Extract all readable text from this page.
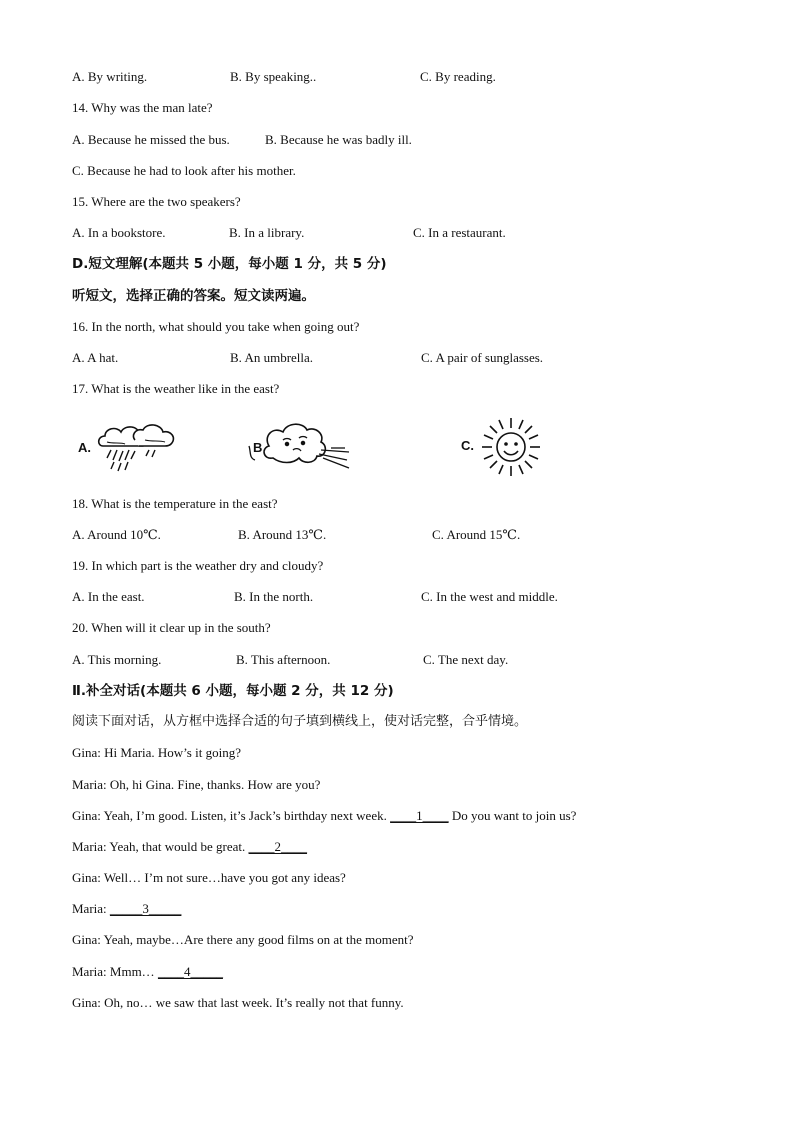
A. By writing.	B. By speaking..	C. By reading.
14. Why was the man late?
A. Because he missed the bus.	B. Because he was badly ill.
C. Because he had to look after his mother.
15. Where are the two speakers?
A. In a bookstore.	B. In a library.	C. In a restaurant.
D.短文理解(本题共 5 小题，每小题 1 分，共 5 分)
听短文，选择正确的答案。短文读两遍。
16. In the north, what should you take when going out?
A. A hat.	B. An umbrella.	C. A pair of sunglasses.
17. What is the weather like in the east?
A.	B	C.
18. What is the temperature in the east?
A. Around 10℃.	B. Around 13℃.	C. Around 15℃.
19. In which part is the weather dry and cloudy?
A. In the east.	B. In the north.	C. In the west and middle.
20. When will it clear up in the south?
A. This morning.	B. This afternoon.	C. The next day.
Ⅱ.补全对话(本题共 6 小题，每小题 2 分，共 12 分)
阅读下面对话，从方框中选择合适的句子填到横线上，使对话完整，合乎情境。
Gina: Hi Maria. How’s it going?
Maria: Oh, hi Gina. Fine, thanks. How are you?
Gina: Yeah, I’m good. Listen, it’s Jack’s birthday next week. ____1____ Do you want to join us?
Maria: Yeah, that would be great. ____2____
Gina: Well… I’m not sure…have you got any ideas?
Maria: _____3_____
Gina: Yeah, maybe…Are there any good films on at the moment?
Maria: Mmm… ____4_____
Gina: Oh, no… we saw that last week. It’s really not that funny.
